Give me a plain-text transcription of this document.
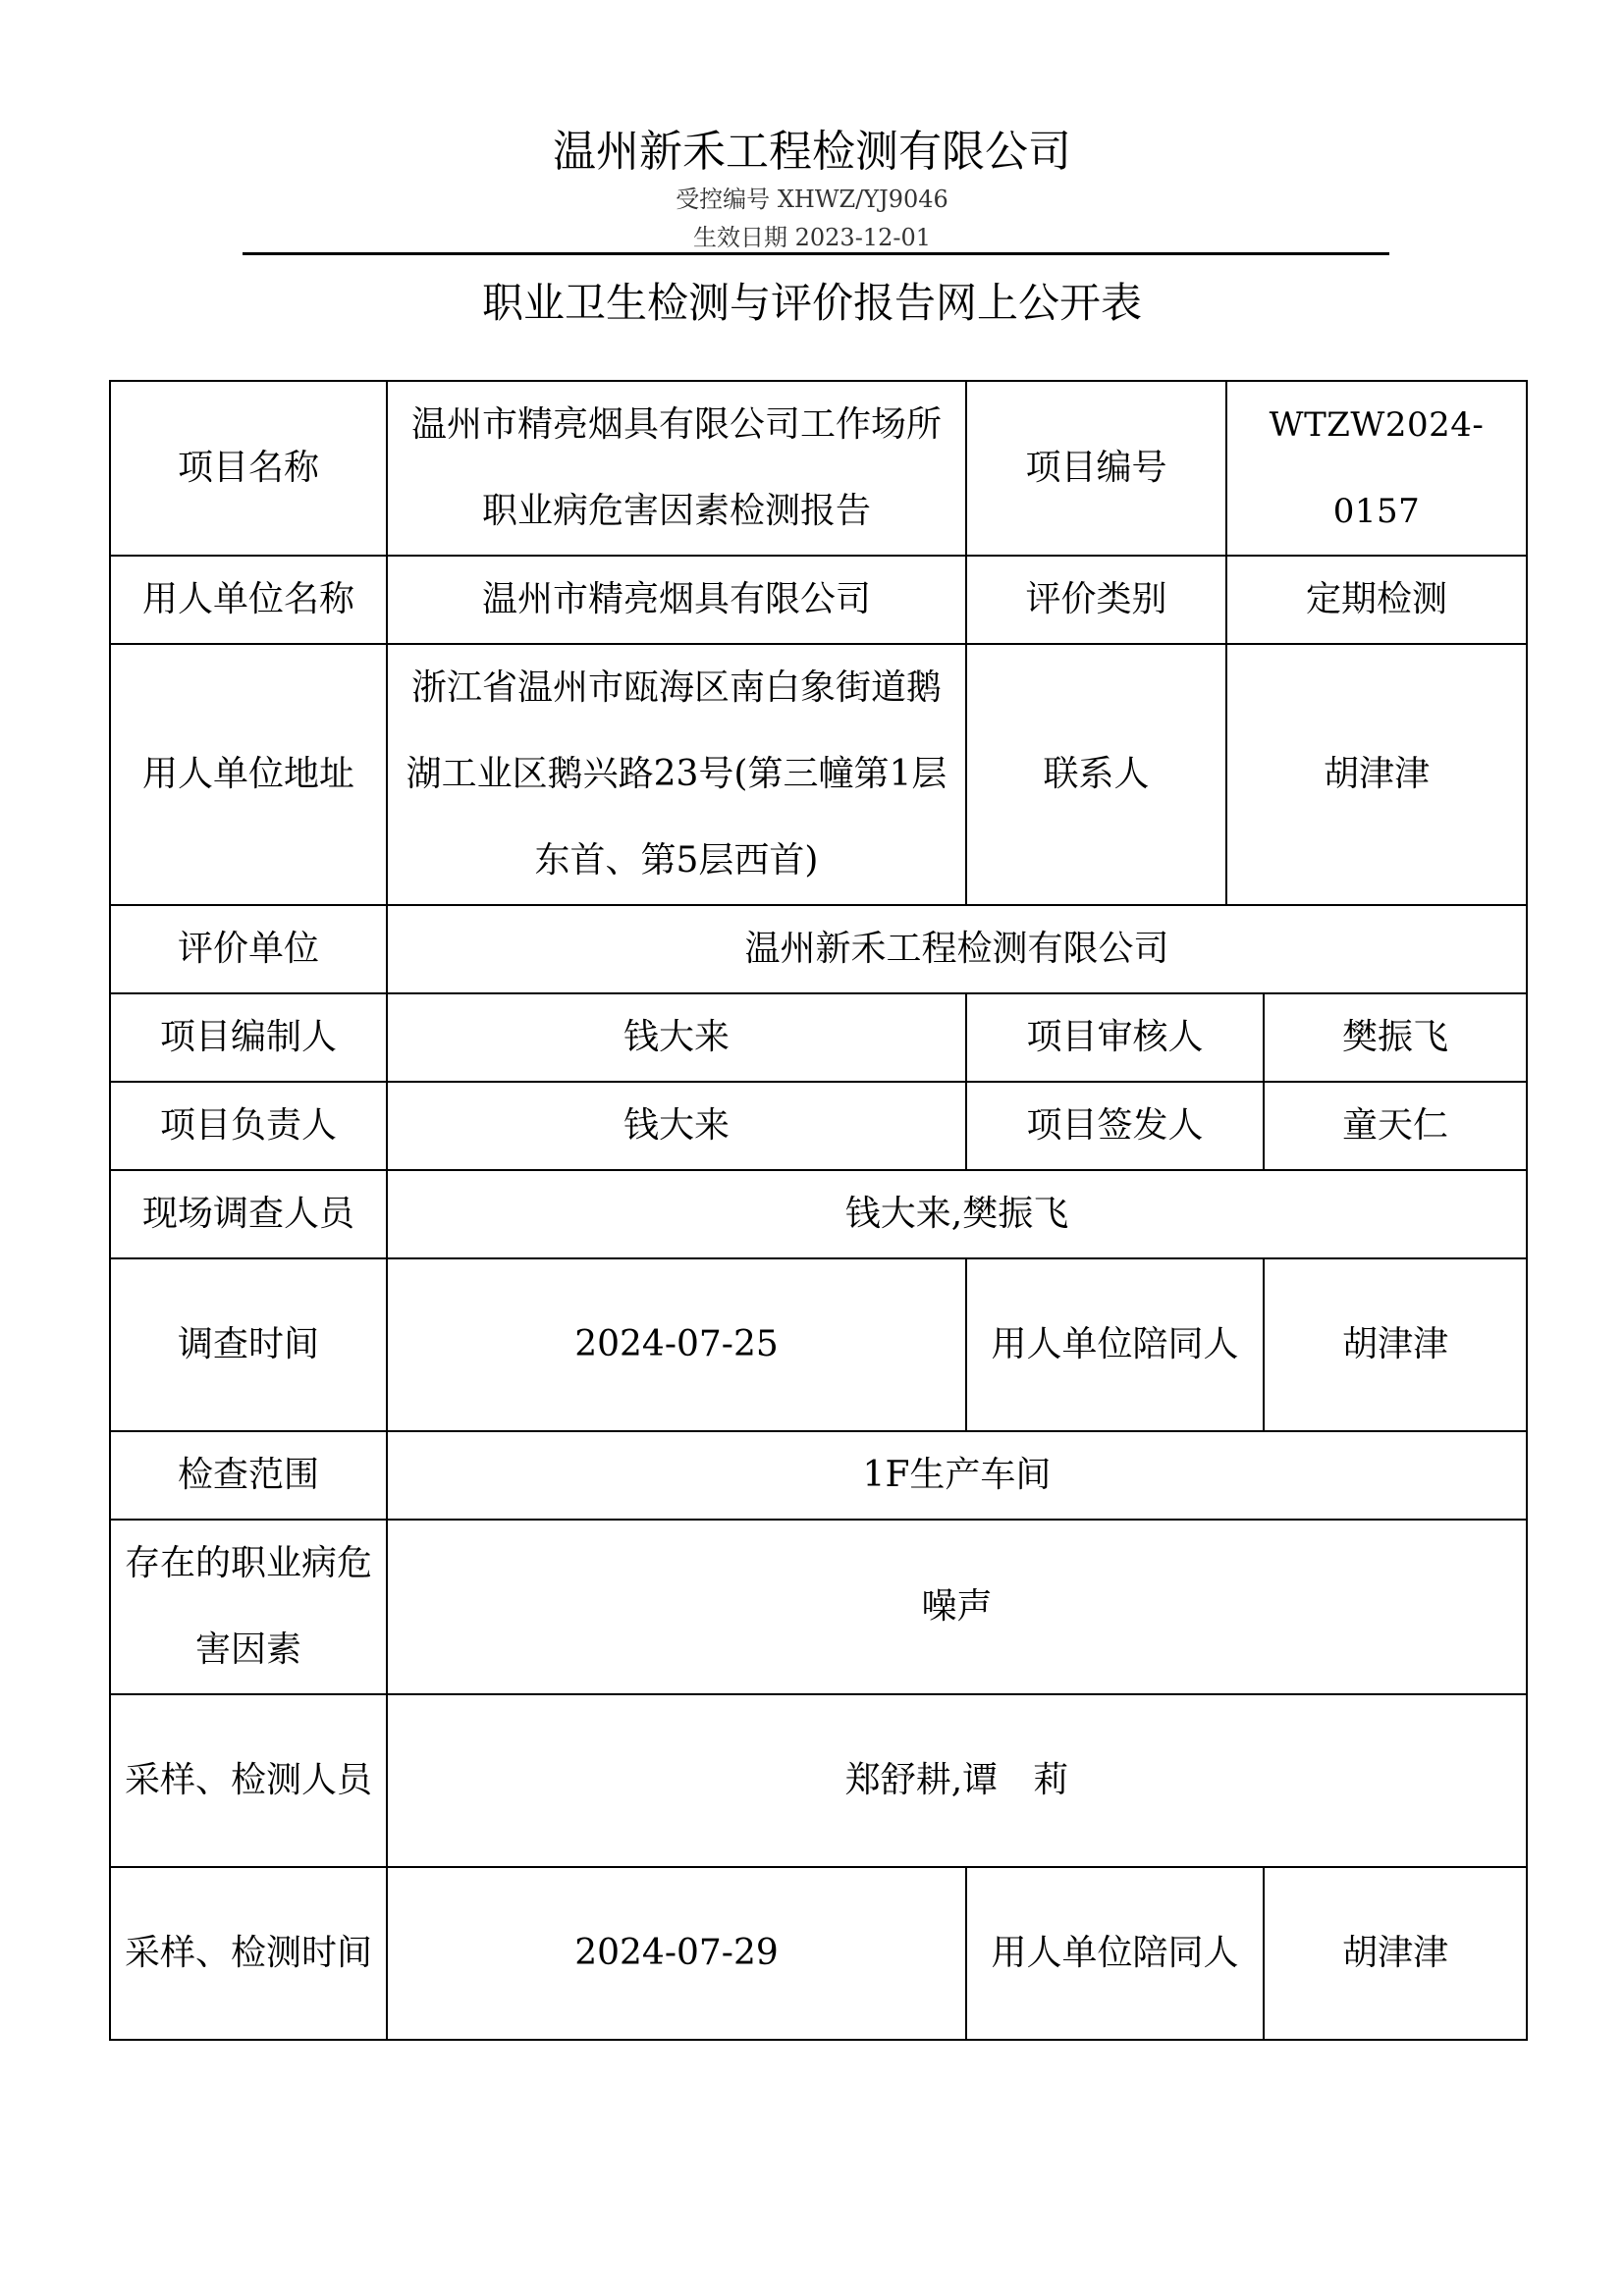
温州新禾工程检测有限公司
受控编号 XHWZ/YJ9046
生效日期 2023-12-01
职业卫生检测与评价报告网上公开表
项目名称	温州市精亮烟具有限公司工作场所职业病危害因素检测报告	项目编号	WTZW2024-0157	
用人单位名称	温州市精亮烟具有限公司	评价类别	定期检测	
用人单位地址	浙江省温州市瓯海区南白象街道鹅湖工业区鹅兴路23号(第三幢第1层东首、第5层西首)	联系人	胡津津	
评价单位	温州新禾工程检测有限公司			
项目编制人	钱大来	项目审核人		樊振飞
项目负责人	钱大来	项目签发人		童天仁
现场调查人员	钱大来,樊振飞			
调查时间	2024-07-25	用人单位陪同人		胡津津
检查范围	1F生产车间			
存在的职业病危害因素	噪声			
采样、检测人员	郑舒耕,谭　莉			
采样、检测时间	2024-07-29	用人单位陪同人		胡津津
